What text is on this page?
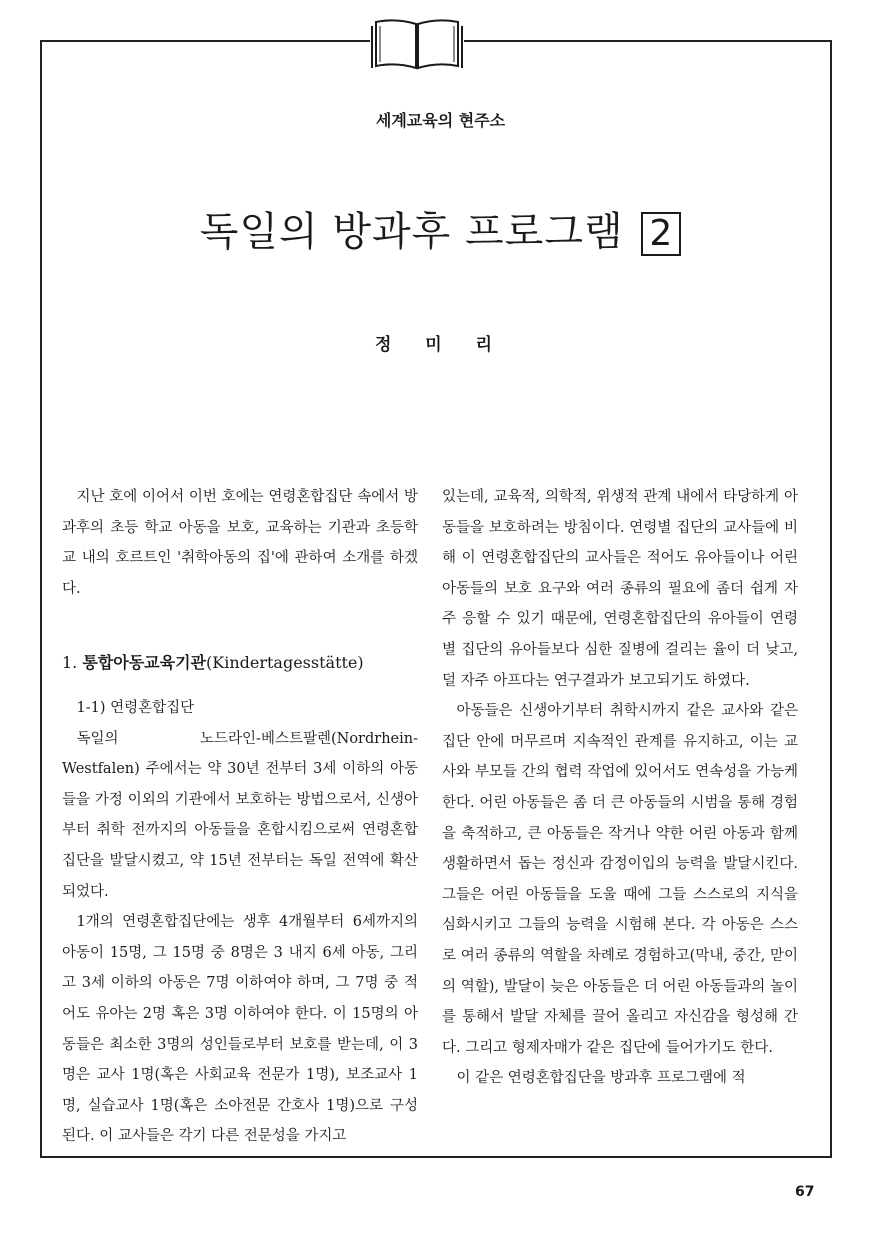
세계교육의 현주소
독일의 방과후 프로그램 2
정 미 리

지난 호에 이어서 이번 호에는 연령혼합집단 속에서 방과후의 초등 학교 아동을 보호, 교육하는 기관과 초등학교 내의 호르트인 '취학아동의 집'에 관하여 소개를 하겠다.

1. 통합아동교육기관(Kindertagesstätte)

1-1) 연령혼합집단

독일의 노드라인-베스트팔렌(Nordrhein-Westfalen) 주에서는 약 30년 전부터 3세 이하의 아동들을 가정 이외의 기관에서 보호하는 방법으로서, 신생아부터 취학 전까지의 아동들을 혼합시킴으로써 연령혼합집단을 발달시켰고, 약 15년 전부터는 독일 전역에 확산되었다.

1개의 연령혼합집단에는 생후 4개월부터 6세까지의 아동이 15명, 그 15명 중 8명은 3 내지 6세 아동, 그리고 3세 이하의 아동은 7명 이하여야 하며, 그 7명 중 적어도 유아는 2명 혹은 3명 이하여야 한다. 이 15명의 아동들은 최소한 3명의 성인들로부터 보호를 받는데, 이 3명은 교사 1명(혹은 사회교육 전문가 1명), 보조교사 1명, 실습교사 1명(혹은 소아전문 간호사 1명)으로 구성된다. 이 교사들은 각기 다른 전문성을 가지고

있는데, 교육적, 의학적, 위생적 관계 내에서 타당하게 아동들을 보호하려는 방침이다. 연령별 집단의 교사들에 비해 이 연령혼합집단의 교사들은 적어도 유아들이나 어린 아동들의 보호 요구와 여러 종류의 필요에 좀더 쉽게 자주 응할 수 있기 때문에, 연령혼합집단의 유아들이 연령별 집단의 유아들보다 심한 질병에 걸리는 율이 더 낮고, 덜 자주 아프다는 연구결과가 보고되기도 하였다.

아동들은 신생아기부터 취학시까지 같은 교사와 같은 집단 안에 머무르며 지속적인 관계를 유지하고, 이는 교사와 부모들 간의 협력 작업에 있어서도 연속성을 가능케 한다. 어린 아동들은 좀 더 큰 아동들의 시범을 통해 경험을 축적하고, 큰 아동들은 작거나 약한 어린 아동과 함께 생활하면서 돕는 정신과 감정이입의 능력을 발달시킨다. 그들은 어린 아동들을 도울 때에 그들 스스로의 지식을 심화시키고 그들의 능력을 시험해 본다. 각 아동은 스스로 여러 종류의 역할을 차례로 경험하고(막내, 중간, 맏이의 역할), 발달이 늦은 아동들은 더 어린 아동들과의 놀이를 통해서 발달 자체를 끌어 올리고 자신감을 형성해 간다. 그리고 형제자매가 같은 집단에 들어가기도 한다.

이 같은 연령혼합집단을 방과후 프로그램에 적

67
